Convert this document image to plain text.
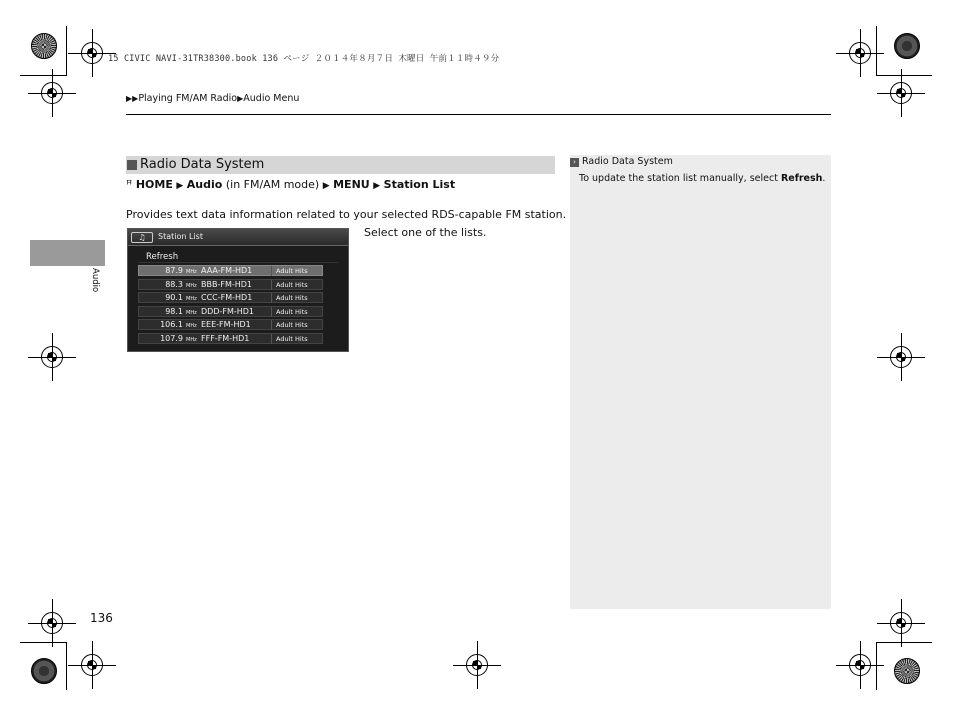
15 CIVIC NAVI-31TR38300.book 136 ページ ２０１４年８月７日 木曜日 午前１１時４９分
▶▶Playing FM/AM Radio▶Audio Menu
Audio
Radio Data System
ꟸ HOME ▶ Audio (in FM/AM mode) ▶ MENU ▶ Station List
Provides text data information related to your selected RDS-capable FM station.
Select one of the lists.
♫	Station List
Refresh
87.9 MHz AAA-FM-HD1	Adult Hits
88.3 MHz BBB-FM-HD1	Adult Hits
90.1 MHz CCC-FM-HD1	Adult Hits
98.1 MHz DDD-FM-HD1	Adult Hits
106.1 MHz EEE-FM-HD1	Adult Hits
107.9 MHz FFF-FM-HD1	Adult Hits
› Radio Data System
To update the station list manually, select Refresh.
136
